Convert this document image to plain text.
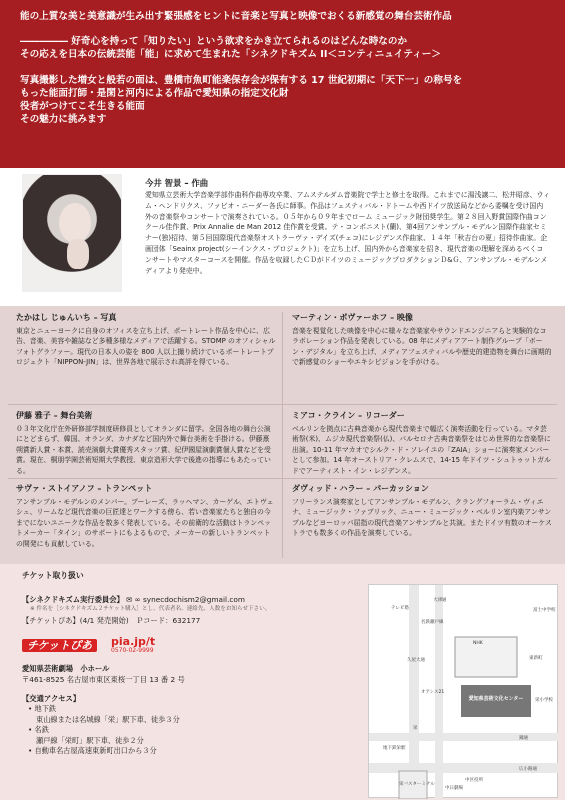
能の上質な美と美意識が生み出す緊張感をヒントに音楽と写真と映像でおくる新感覚の舞台芸術作品

――――― 好奇心を持って「知りたい」という欲求をかき立てられるのはどんな時なのか

その応えを日本の伝統芸能「能」に求めて生まれた「シネクドキズム II＜コンティニュイティー＞

写真撮影した増女と般若の面は、豊橋市魚町能楽保存会が保有する 17 世紀初期に「天下一」の称号を

もった能面打師・是閑と河内による作品で愛知県の指定文化財

役者がつけてこそ生きる能面

その魅力に挑みます

今井 智景 – 作曲
愛知県立芸術大学音楽学部作曲科作曲専攻卒業、アムステルダム音楽院で学士と修士を取得。これまでに湯浅譲二、松井昭彦、ウィム・ヘンドリクス、ファビオ・ニーダー各氏に師事。作品はフェスティバル・ドトームや西ドイツ放送局などから委嘱を受け国内外の音楽祭やコンサートで演奏されている。０５年から０９年までローム ミュージック財団奨学生。第２８回入野賞国際作曲コンクール佳作賞、Prix Annalie de Man 2012 佳作賞を受賞。テ・コンポニスト(蘭)、第4回アンサンブル・モデルン国際作曲家セミナー(独)招待、第５回国際現代音楽祭オストラーヴァ・デイズ(チェコ)にレジデンス作曲家、１４年「秋吉台の夏」招待作曲家。企画団体「Seainx project(シーインクス・プロジェクト)」を立ち上げ、国内外から音楽家を招き、現代音楽の理解を深めるべくコンサートやマスターコースを開催。作品を収録したＣＤがドイツのミュージックプロダクションＤ&Ｇ、アンサンブル・モデルンメディアより発売中。
たかはし じゅんいち – 写真
東京とニューヨークに自身のオフィスを立ち上げ、ポートレート作品を中心に、広告、音楽、美容や雑誌など多種多様なメディアで活躍する。STOMP のオフィシャルフォトグラファー。現代の日本人の姿を 800 人以上撮り続けているポートレートプロジェクト「NIPPON-JIN」は、世界各地で展示され高評を得ている。
マーティン・ボヴァーホフ – 映像
音楽を視覚化した映像を中心に様々な音楽家やサウンドエンジニアらと実験的なコラボレーション作品を発表している。08 年にメディアアート制作グループ「ボーン・デジタル」を立ち上げ、メディアフェスティバルや歴史的建造物を舞台に画期的で新感覚のショーやエキシビジョンを手がける。
伊藤 雅子 – 舞台美術
０３年文化庁在外研修部学制度研修員としてオランダに留学。全国各地の舞台公演にとどまらず、韓国、オランダ、カナダなど国内外で舞台美術を手掛ける。伊藤熹朔賞新人賞・本賞、読売演劇大賞優秀スタッフ賞、紀伊國屋演劇賞個人賞などを受賞。現在、桐朋学園芸術短期大学教授、東京造形大学で後進の指導にもあたっている。
ミアコ・クライン – リコーダー
ベルリンを拠点に古典音楽から現代音楽まで幅広く演奏活動を行っている。マタ芸術祭(米)、ムジカ現代音楽祭(仏)、バルセロナ古典音楽祭をはじめ世界的な音楽祭に出演。10-11 年マカオでシルク・ド・ソレイユの「ZAIA」ショーに演奏家メンバーとして参加。14 年オーストリア・クレムスで、14-15 年ドイツ・シュトゥットガルドでアーティスト・イン・レジデンス。
サヴァ・ストイアノフ – トランペット
アンサンブル・モデルンのメンバー。ブーレーズ、ラッヘマン、カーゲル、エトヴェシュ、リームなど現代音楽の巨匠達とワークする傍ら、若い音楽家たちと独自の今までにないユニークな作品を数多く発表している。その前衛的な活動はトランペットメーカー「タイン」のサポートにもよるもので、メーカーの新しいトランペットの開発にも貢献している。
ダヴィッド・ハラー – パーカッション
フリーランス演奏家としてアンサンブル・モデルン、クラングフォーラム・ヴィエナ、ミュージック・ファブリック、ニュー・ミュージック・ベルリン室内楽アンサンブルなどヨーロッパ屈指の現代音楽アンサンブルと共演。またドイツ有数のオーケストラでも数多くの作品を演奏している。
チケット取り扱い
【シネクドキズム実行委員会】 ✉ ∞ synecdochism2@gmail.com
※ 件名を［シネクドキズム２チケット購入］とし、代表者名、連絡先、人数をお知らせ下さい。
【チケットぴあ】(4/1 発売開始)　Ｐコード：632177
チケットぴあ	pia.jp/t
0570-02-9999
愛知県芸術劇場　小ホール
〒461-8525 名古屋市東区東桜一丁目 13 番 2 号
【交通アクセス】
• 地下鉄
東山線または名城線「栄」駅下車、徒歩３分
• 名鉄
瀬戸線「栄町」駅下車、徒歩２分
• 自動車名古屋高速東新町出口から３分
テレビ塔
名鉄瀬戸線
NHK
オアシス21
栄
地下鉄栄駅
錦通
広小路通
中区役所
中日劇場
栄バスターミナル
富士中学校
栄小学校
大津通
久屋大通	東新町
愛知県芸術文化センター
